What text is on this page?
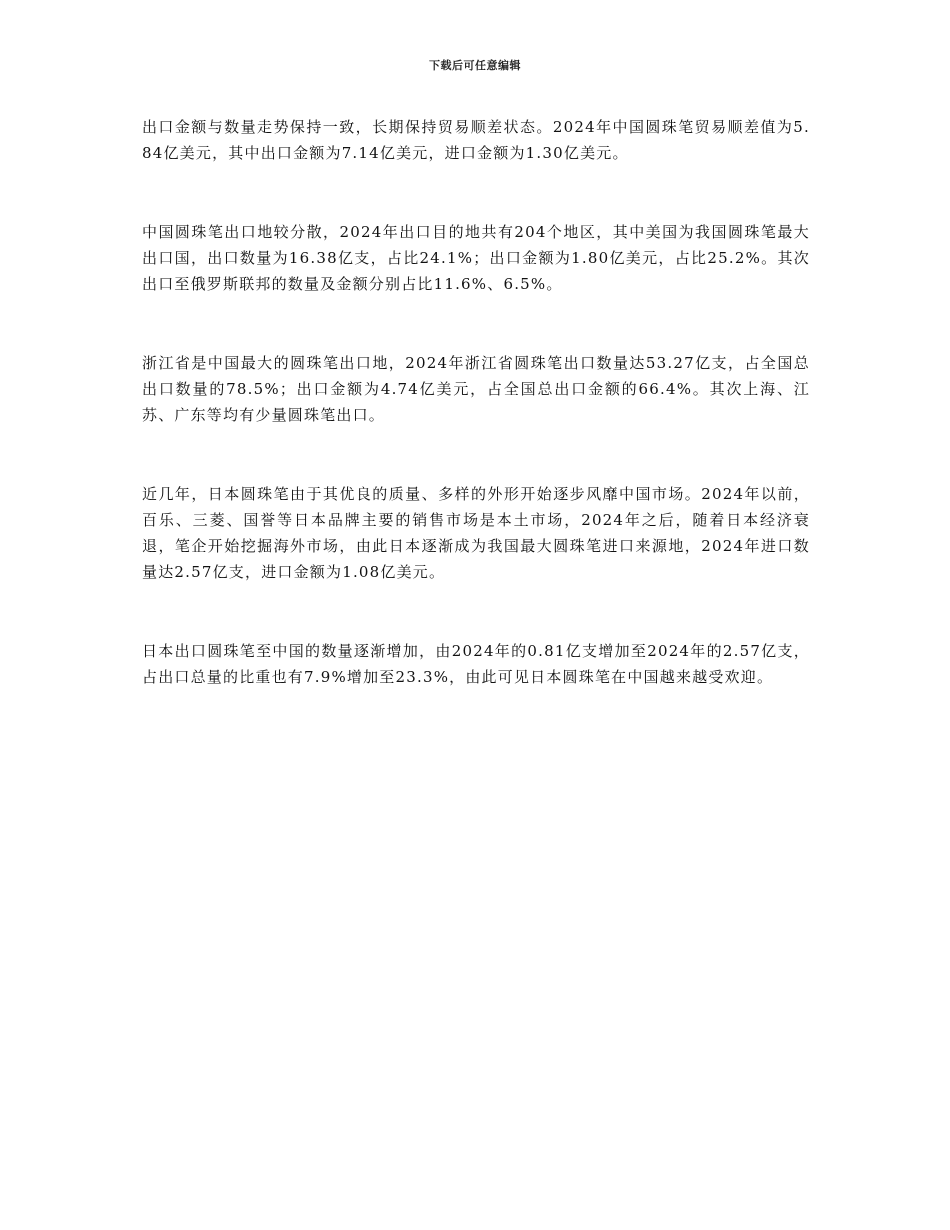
下载后可任意编辑

出口金额与数量走势保持一致，长期保持贸易顺差状态。2024年中国圆珠笔贸易顺差值为5.84亿美元，其中出口金额为7.14亿美元，进口金额为1.30亿美元。

中国圆珠笔出口地较分散，2024年出口目的地共有204个地区，其中美国为我国圆珠笔最大出口国，出口数量为16.38亿支，占比24.1%；出口金额为1.80亿美元，占比25.2%。其次出口至俄罗斯联邦的数量及金额分别占比11.6%、6.5%。

浙江省是中国最大的圆珠笔出口地，2024年浙江省圆珠笔出口数量达53.27亿支，占全国总出口数量的78.5%；出口金额为4.74亿美元，占全国总出口金额的66.4%。其次上海、江苏、广东等均有少量圆珠笔出口。

近几年，日本圆珠笔由于其优良的质量、多样的外形开始逐步风靡中国市场。2024年以前，百乐、三菱、国誉等日本品牌主要的销售市场是本土市场，2024年之后，随着日本经济衰退，笔企开始挖掘海外市场，由此日本逐渐成为我国最大圆珠笔进口来源地，2024年进口数量达2.57亿支，进口金额为1.08亿美元。

日本出口圆珠笔至中国的数量逐渐增加，由2024年的0.81亿支增加至2024年的2.57亿支，占出口总量的比重也有7.9%增加至23.3%，由此可见日本圆珠笔在中国越来越受欢迎。
